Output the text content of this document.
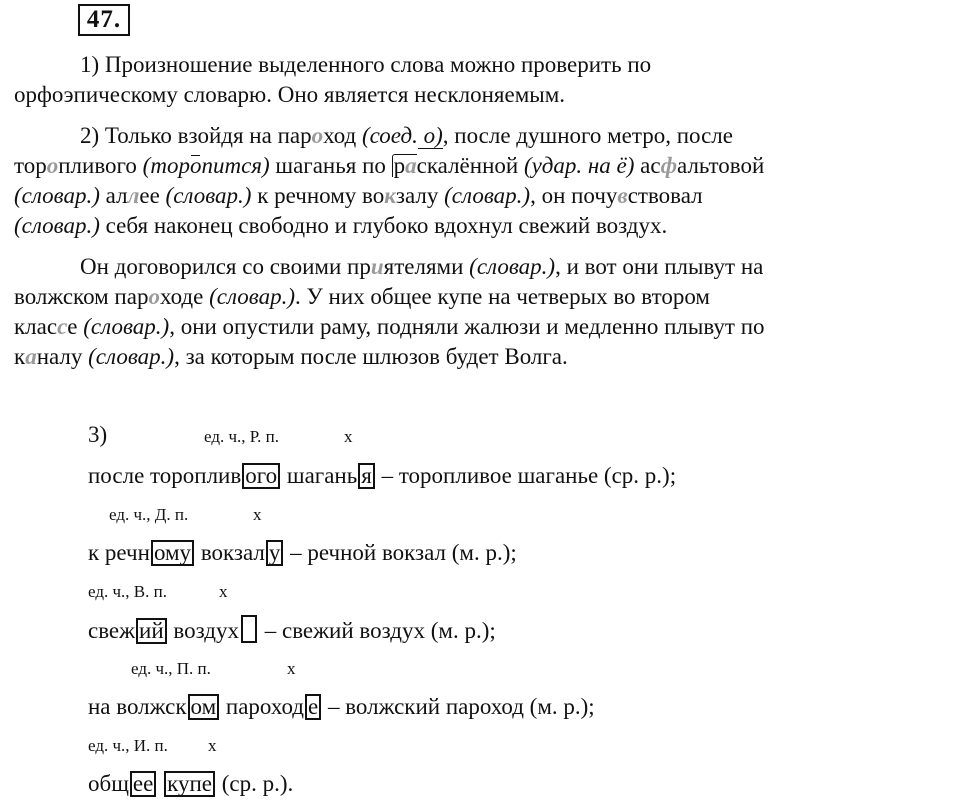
47.
1) Произношение выделенного слова можно проверить по
орфоэпическому словарю. Оно является несклоняемым.
2) Только взойдя на пароход (соед. о), после душного метро, после
торопливого (торопится) шаганья по раскалённой (удар. на ё) асфальтовой
(словар.) аллее (словар.) к речному вокзалу (словар.), он почувствовал
(словар.) себя наконец свободно и глубоко вдохнул свежий воздух.
Он договорился со своими приятелями (словар.), и вот они плывут на
волжском пароходе (словар.). У них общее купе на четверых во втором
классе (словар.), они опустили раму, подняли жалюзи и медленно плывут по
каналу (словар.), за которым после шлюзов будет Волга.
3)	ед. ч., Р. п.	х
после тороплив ого шагань я – торопливое шаганье (ср. р.);
ед. ч., Д. п.	х
к речн ому вокзал у – речной вокзал (м. р.);
ед. ч., В. п.	х
свеж ий воздух – свежий воздух (м. р.);
ед. ч., П. п.	х
на волжск ом пароход е – волжский пароход (м. р.);
ед. ч., И. п. х
общ ее купе (ср. р.).
